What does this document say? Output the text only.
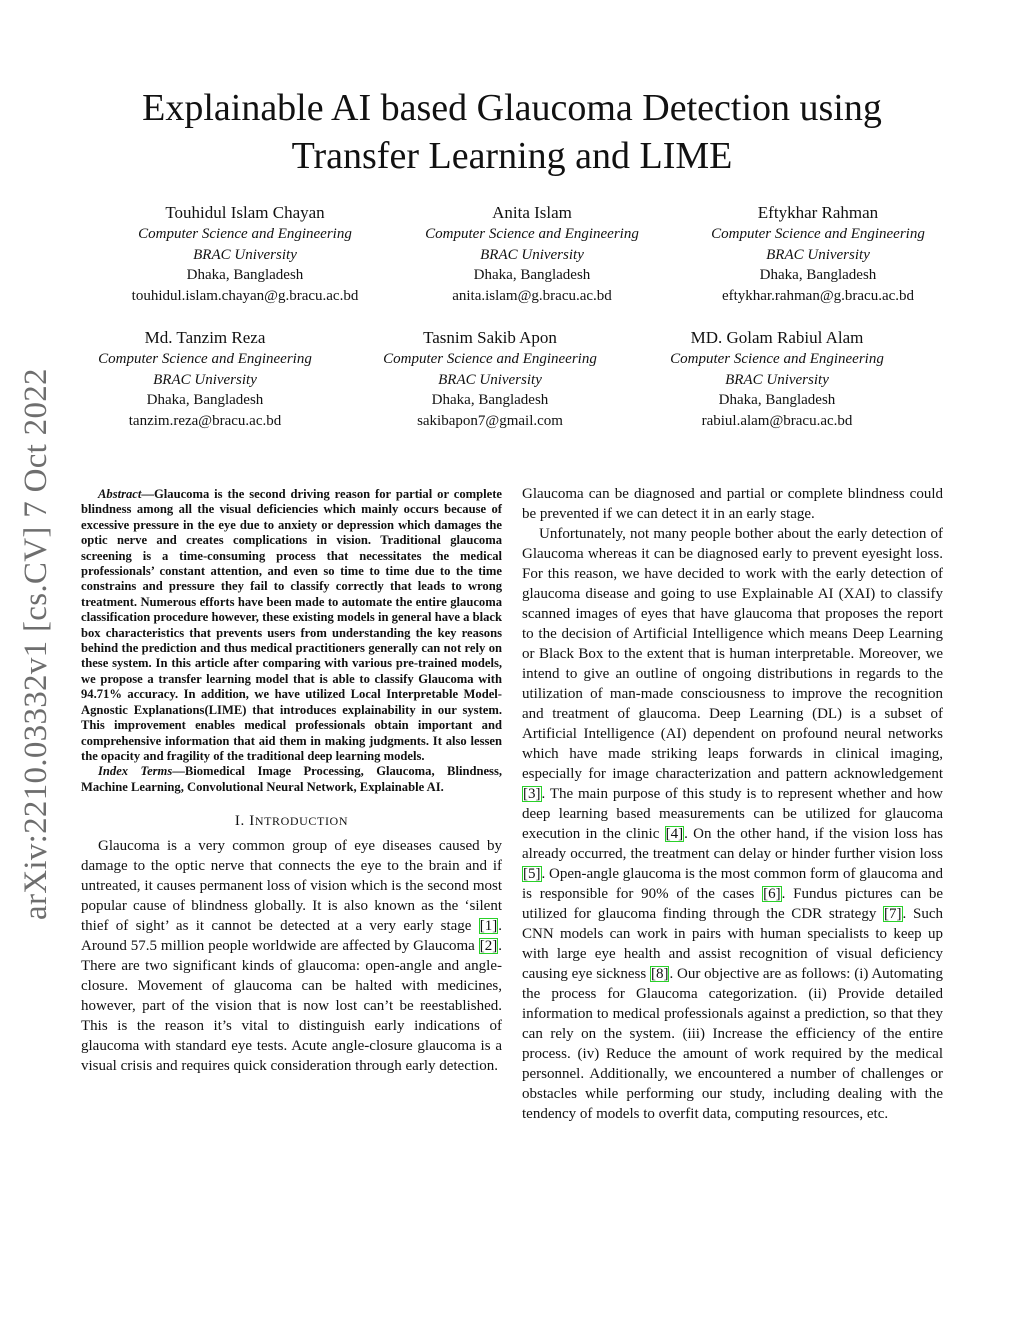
arXiv:2210.03332v1 [cs.CV] 7 Oct 2022
Explainable AI based Glaucoma Detection using
Transfer Learning and LIME
Touhidul Islam Chayan
Computer Science and Engineering
BRAC University
Dhaka, Bangladesh
touhidul.islam.chayan@g.bracu.ac.bd
Anita Islam
Computer Science and Engineering
BRAC University
Dhaka, Bangladesh
anita.islam@g.bracu.ac.bd
Eftykhar Rahman
Computer Science and Engineering
BRAC University
Dhaka, Bangladesh
eftykhar.rahman@g.bracu.ac.bd
Md. Tanzim Reza
Computer Science and Engineering
BRAC University
Dhaka, Bangladesh
tanzim.reza@bracu.ac.bd
Tasnim Sakib Apon
Computer Science and Engineering
BRAC University
Dhaka, Bangladesh
sakibapon7@gmail.com
MD. Golam Rabiul Alam
Computer Science and Engineering
BRAC University
Dhaka, Bangladesh
rabiul.alam@bracu.ac.bd

Abstract—Glaucoma is the second driving reason for partial or complete blindness among all the visual deficiencies which mainly occurs because of excessive pressure in the eye due to anxiety or depression which damages the optic nerve and creates complications in vision. Traditional glaucoma screening is a time-consuming process that necessitates the medical professionals’ constant attention, and even so time to time due to the time constrains and pressure they fail to classify correctly that leads to wrong treatment. Numerous efforts have been made to automate the entire glaucoma classification procedure however, these existing models in general have a black box characteristics that prevents users from understanding the key reasons behind the prediction and thus medical practitioners generally can not rely on these system. In this article after comparing with various pre-trained models, we propose a transfer learning model that is able to classify Glaucoma with 94.71% accuracy. In addition, we have utilized Local Interpretable Model-Agnostic Explanations(LIME) that introduces explainability in our system. This improvement enables medical professionals obtain important and comprehensive information that aid them in making judgments. It also lessen the opacity and fragility of the traditional deep learning models.

Index Terms—Biomedical Image Processing, Glaucoma, Blindness, Machine Learning, Convolutional Neural Network, Explainable AI.

I. INTRODUCTION

Glaucoma is a very common group of eye diseases caused by damage to the optic nerve that connects the eye to the brain and if untreated, it causes permanent loss of vision which is the second most popular cause of blindness globally. It is also known as the ‘silent thief of sight’ as it cannot be detected at a very early stage [1]. Around 57.5 million people worldwide are affected by Glaucoma [2]. There are two significant kinds of glaucoma: open-angle and angle-closure. Movement of glaucoma can be halted with medicines, however, part of the vision that is now lost can’t be reestablished. This is the reason it’s vital to distinguish early indications of glaucoma with standard eye tests. Acute angle-closure glaucoma is a visual crisis and requires quick consideration through early detection.

Glaucoma can be diagnosed and partial or complete blindness could be prevented if we can detect it in an early stage.

Unfortunately, not many people bother about the early detection of Glaucoma whereas it can be diagnosed early to prevent eyesight loss. For this reason, we have decided to work with the early detection of glaucoma disease and going to use Explainable AI (XAI) to classify scanned images of eyes that have glaucoma that proposes the report to the decision of Artificial Intelligence which means Deep Learning or Black Box to the extent that is human interpretable. Moreover, we intend to give an outline of ongoing distributions in regards to the utilization of man-made consciousness to improve the recognition and treatment of glaucoma. Deep Learning (DL) is a subset of Artificial Intelligence (AI) dependent on profound neural networks which have made striking leaps forwards in clinical imaging, especially for image characterization and pattern acknowledgement [3]. The main purpose of this study is to represent whether and how deep learning based measurements can be utilized for glaucoma execution in the clinic [4]. On the other hand, if the vision loss has already occurred, the treatment can delay or hinder further vision loss [5]. Open-angle glaucoma is the most common form of glaucoma and is responsible for 90% of the cases [6]. Fundus pictures can be utilized for glaucoma finding through the CDR strategy [7]. Such CNN models can work in pairs with human specialists to keep up with large eye health and assist recognition of visual deficiency causing eye sickness [8]. Our objective are as follows: (i) Automating the process for Glaucoma categorization. (ii) Provide detailed information to medical professionals against a prediction, so that they can rely on the system. (iii) Increase the efficiency of the entire process. (iv) Reduce the amount of work required by the medical personnel. Additionally, we encountered a number of challenges or obstacles while performing our study, including dealing with the tendency of models to overfit data, computing resources, etc.
